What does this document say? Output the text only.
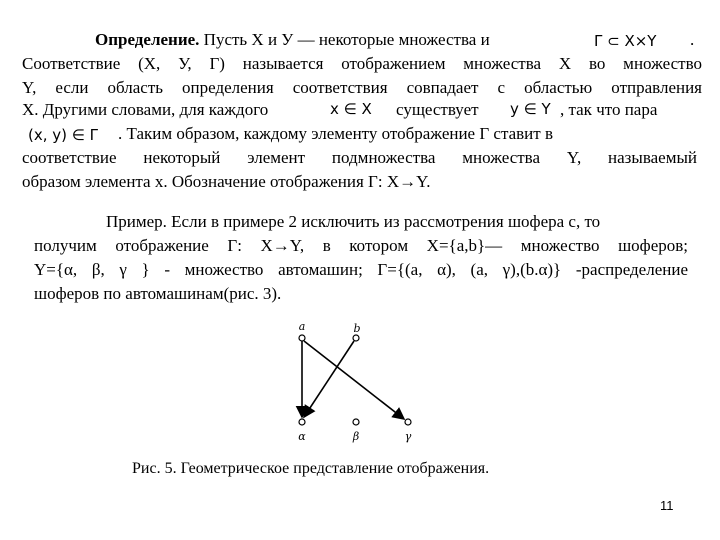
Определение. Пусть X и У — некоторые множества и	Γ ⊂ X×Y .
Соответствие (X, У, Γ) называется отображением множества X во множество
Y, если область определения соответствия совпадает с областью отправления
X. Другими словами, для каждого	x ∈ X существует y ∈ Y , так что пара
(x, y) ∈ Γ . Таким образом, каждому элементу отображение Γ ставит в
соответствие некоторый элемент подмножества множества Y, называемый
образом элемента x. Обозначение отображения Γ: X→Y.
Пример. Если в примере 2 исключить из рассмотрения шофера c, то
получим отображение Γ: X→Y, в котором X={a,b}— множество шоферов;
Y={α, β, γ } - множество автомашин; Γ={(a, α), (a, γ),(b.α)} -распределение
шоферов по автомашинам(рис. 3).
a	b
α	β	γ
Рис. 5. Геометрическое представление отображения.
11
